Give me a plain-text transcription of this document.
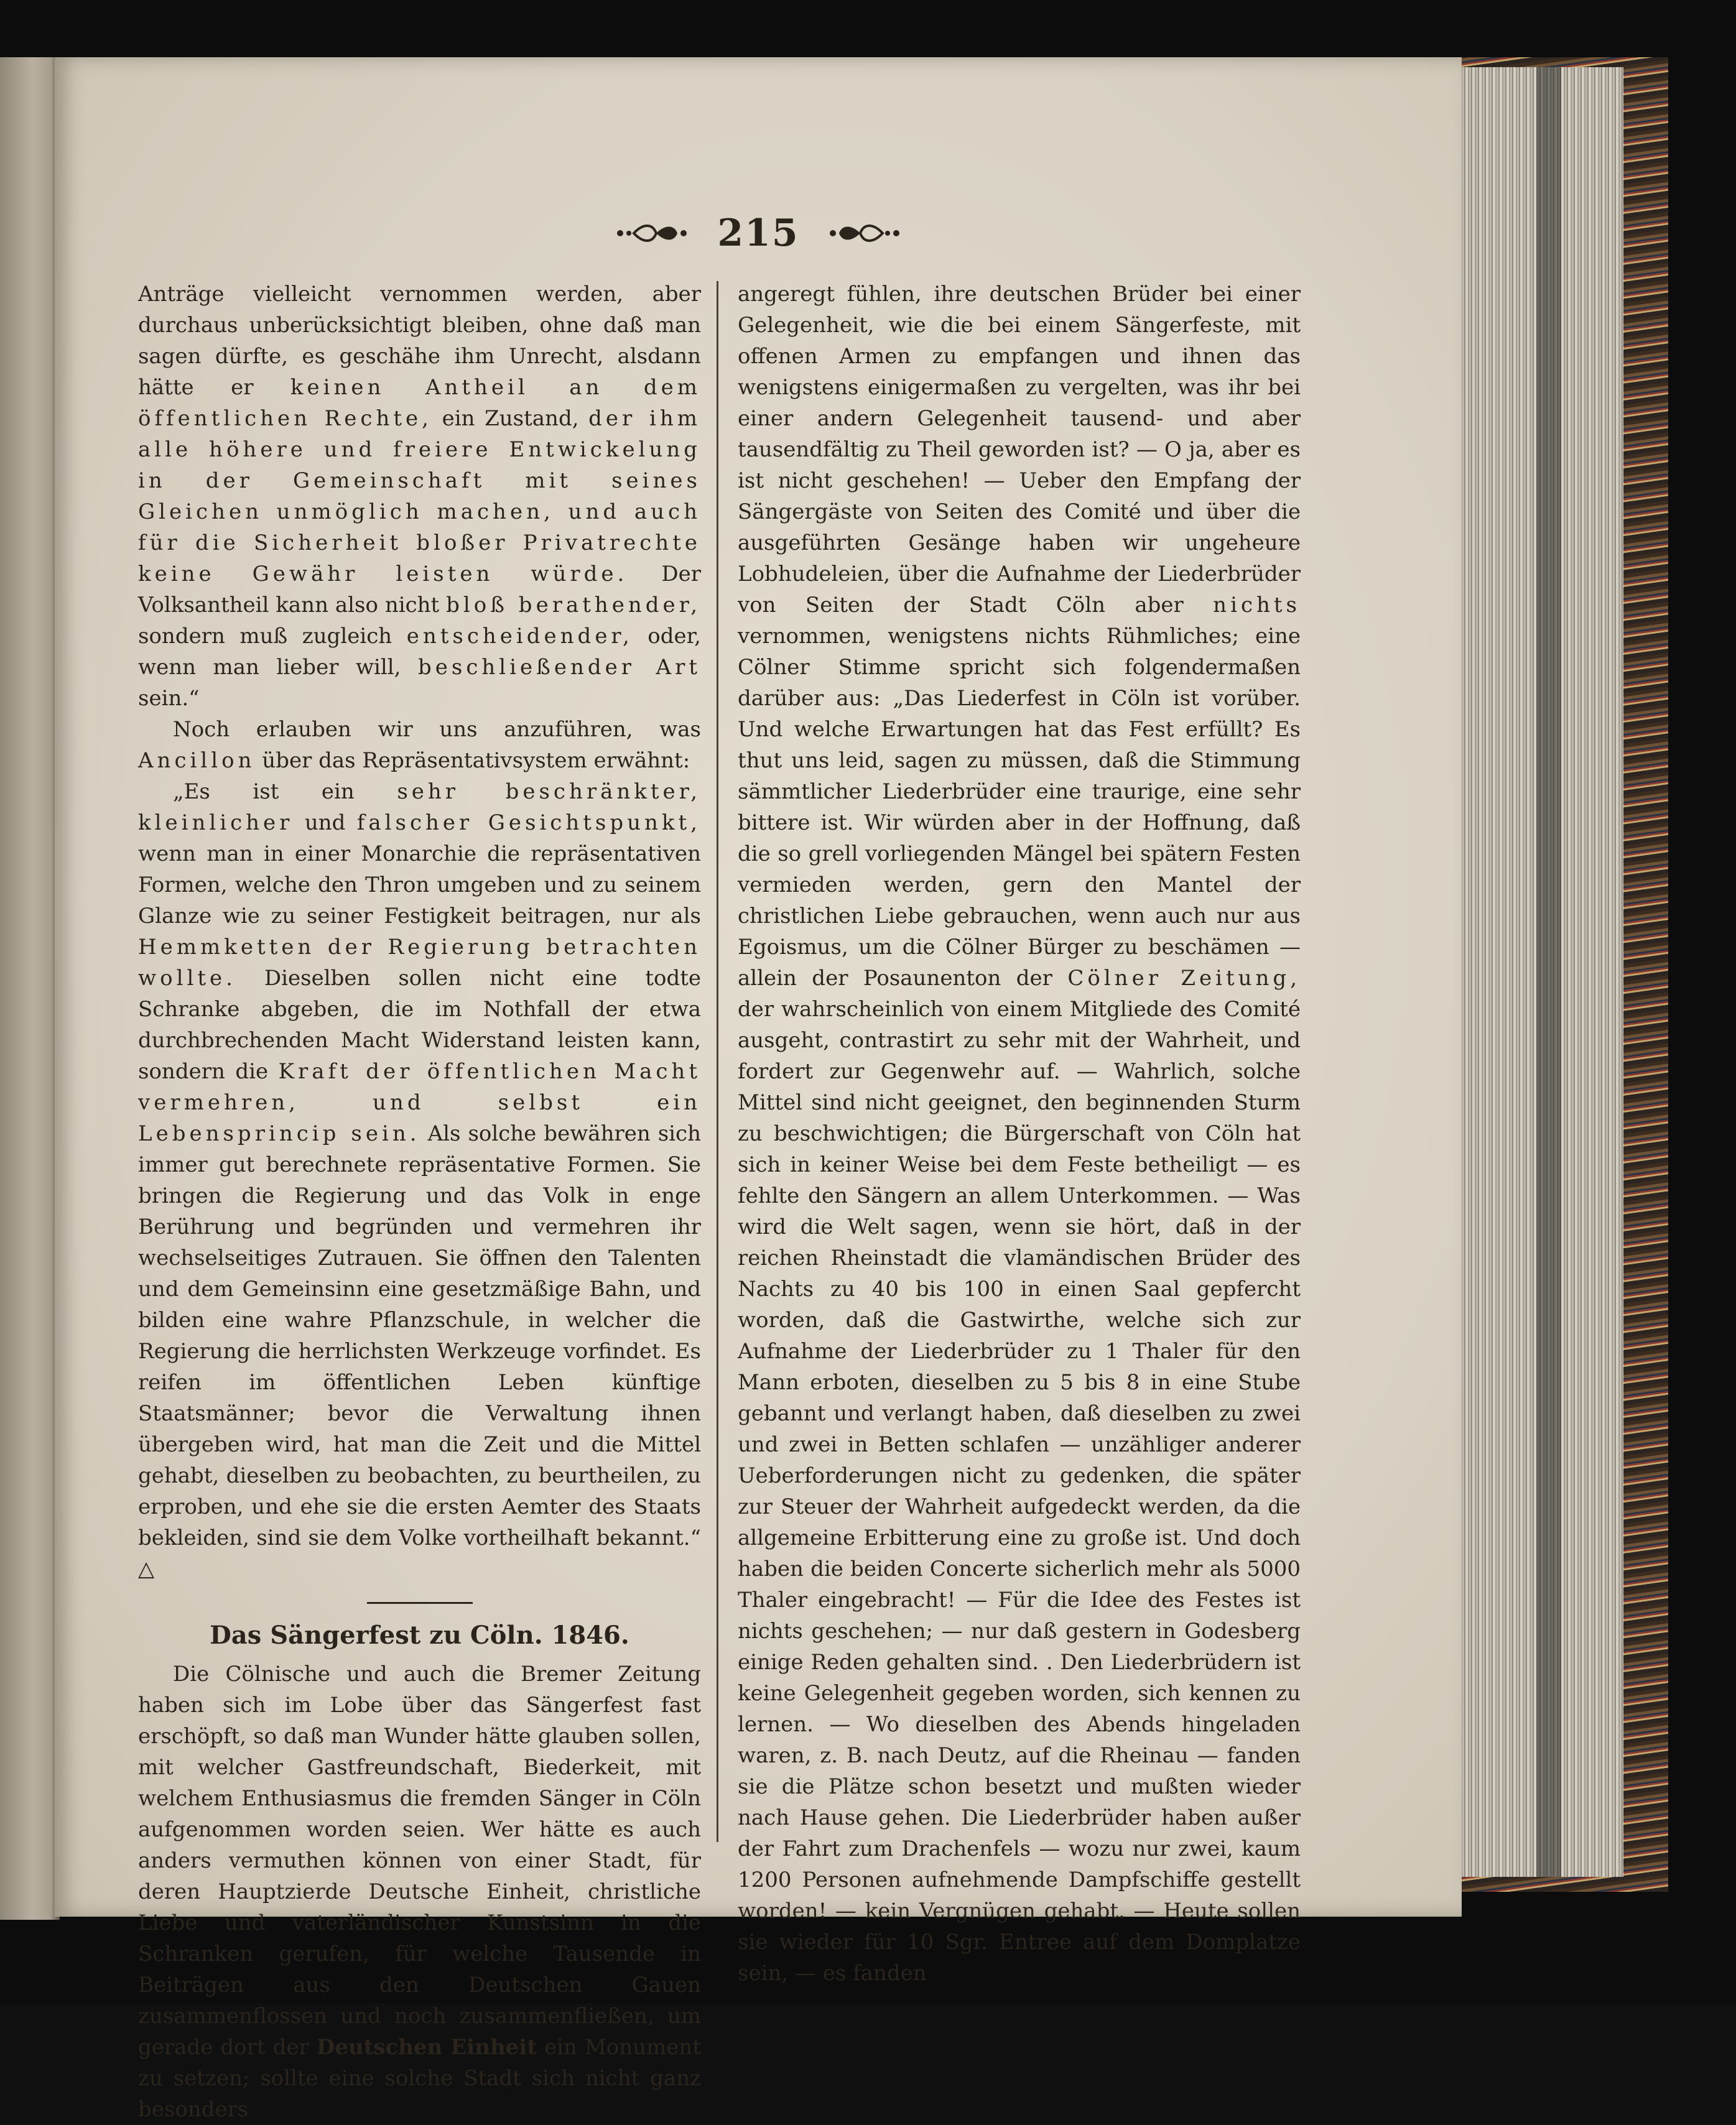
215

Anträge vielleicht vernommen werden, aber durchaus unberücksichtigt bleiben, ohne daß man sagen dürfte, es geschähe ihm Unrecht, alsdann hätte er keinen Antheil an dem öffentlichen Rechte, ein Zustand, der ihm alle höhere und freiere Entwickelung in der Gemeinschaft mit seines Gleichen unmöglich machen, und auch für die Sicherheit bloßer Privatrechte keine Gewähr leisten würde. Der Volksantheil kann also nicht bloß berathender, sondern muß zugleich entscheidender, oder, wenn man lieber will, beschließender Art sein.“

Noch erlauben wir uns anzuführen, was Ancillon über das Repräsentativsystem erwähnt:

„Es ist ein sehr beschränkter, kleinlicher und falscher Gesichtspunkt, wenn man in einer Monarchie die repräsentativen Formen, welche den Thron umgeben und zu seinem Glanze wie zu seiner Festigkeit beitragen, nur als Hemmketten der Regierung betrachten wollte. Dieselben sollen nicht eine todte Schranke abgeben, die im Nothfall der etwa durchbrechenden Macht Widerstand leisten kann, sondern die Kraft der öffentlichen Macht vermehren, und selbst ein Lebensprincip sein. Als solche bewähren sich immer gut berechnete repräsentative Formen. Sie bringen die Regierung und das Volk in enge Berührung und begründen und vermehren ihr wechselseitiges Zutrauen. Sie öffnen den Talenten und dem Gemeinsinn eine gesetzmäßige Bahn, und bilden eine wahre Pflanzschule, in welcher die Regierung die herrlichsten Werkzeuge vorfindet. Es reifen im öffentlichen Leben künftige Staatsmänner; bevor die Verwaltung ihnen übergeben wird, hat man die Zeit und die Mittel gehabt, dieselben zu beobachten, zu beurtheilen, zu erproben, und ehe sie die ersten Aemter des Staats bekleiden, sind sie dem Volke vortheilhaft bekannt.“ △

Das Sängerfest zu Cöln. 1846.

Die Cölnische und auch die Bremer Zeitung haben sich im Lobe über das Sängerfest fast erschöpft, so daß man Wunder hätte glauben sollen, mit welcher Gastfreundschaft, Biederkeit, mit welchem Enthusiasmus die fremden Sänger in Cöln aufgenommen worden seien. Wer hätte es auch anders vermuthen können von einer Stadt, für deren Hauptzierde Deutsche Einheit, christliche Liebe und vaterländischer Kunstsinn in die Schranken gerufen, für welche Tausende in Beiträgen aus den Deutschen Gauen zusammenflossen und noch zusammenfließen, um gerade dort der Deutschen Einheit ein Monument zu setzen; sollte eine solche Stadt sich nicht ganz besonders

angeregt fühlen, ihre deutschen Brüder bei einer Gelegenheit, wie die bei einem Sängerfeste, mit offenen Armen zu empfangen und ihnen das wenigstens einigermaßen zu vergelten, was ihr bei einer andern Gelegenheit tausend- und aber tausendfältig zu Theil geworden ist? — O ja, aber es ist nicht geschehen! — Ueber den Empfang der Sängergäste von Seiten des Comité und über die ausgeführten Gesänge haben wir ungeheure Lobhudeleien, über die Aufnahme der Liederbrüder von Seiten der Stadt Cöln aber nichts vernommen, wenigstens nichts Rühmliches; eine Cölner Stimme spricht sich folgendermaßen darüber aus: „Das Liederfest in Cöln ist vorüber. Und welche Erwartungen hat das Fest erfüllt? Es thut uns leid, sagen zu müssen, daß die Stimmung sämmtlicher Liederbrüder eine traurige, eine sehr bittere ist. Wir würden aber in der Hoffnung, daß die so grell vorliegenden Mängel bei spätern Festen vermieden werden, gern den Mantel der christlichen Liebe gebrauchen, wenn auch nur aus Egoismus, um die Cölner Bürger zu beschämen — allein der Posaunenton der Cölner Zeitung, der wahrscheinlich von einem Mitgliede des Comité ausgeht, contrastirt zu sehr mit der Wahrheit, und fordert zur Gegenwehr auf. — Wahrlich, solche Mittel sind nicht geeignet, den beginnenden Sturm zu beschwichtigen; die Bürgerschaft von Cöln hat sich in keiner Weise bei dem Feste betheiligt — es fehlte den Sängern an allem Unterkommen. — Was wird die Welt sagen, wenn sie hört, daß in der reichen Rheinstadt die vlamändischen Brüder des Nachts zu 40 bis 100 in einen Saal gepfercht worden, daß die Gastwirthe, welche sich zur Aufnahme der Liederbrüder zu 1 Thaler für den Mann erboten, dieselben zu 5 bis 8 in eine Stube gebannt und verlangt haben, daß dieselben zu zwei und zwei in Betten schlafen — unzähliger anderer Ueberforderungen nicht zu gedenken, die später zur Steuer der Wahrheit aufgedeckt werden, da die allgemeine Erbitterung eine zu große ist. Und doch haben die beiden Concerte sicherlich mehr als 5000 Thaler eingebracht! — Für die Idee des Festes ist nichts geschehen; — nur daß gestern in Godesberg einige Reden gehalten sind. . Den Liederbrüdern ist keine Gelegenheit gegeben worden, sich kennen zu lernen. — Wo dieselben des Abends hingeladen waren, z. B. nach Deutz, auf die Rheinau — fanden sie die Plätze schon besetzt und mußten wieder nach Hause gehen. Die Liederbrüder haben außer der Fahrt zum Drachenfels — wozu nur zwei, kaum 1200 Personen aufnehmende Dampfschiffe gestellt worden! — kein Vergnügen gehabt. — Heute sollen sie wieder für 10 Sgr. Entree auf dem Domplatze sein, — es fanden
